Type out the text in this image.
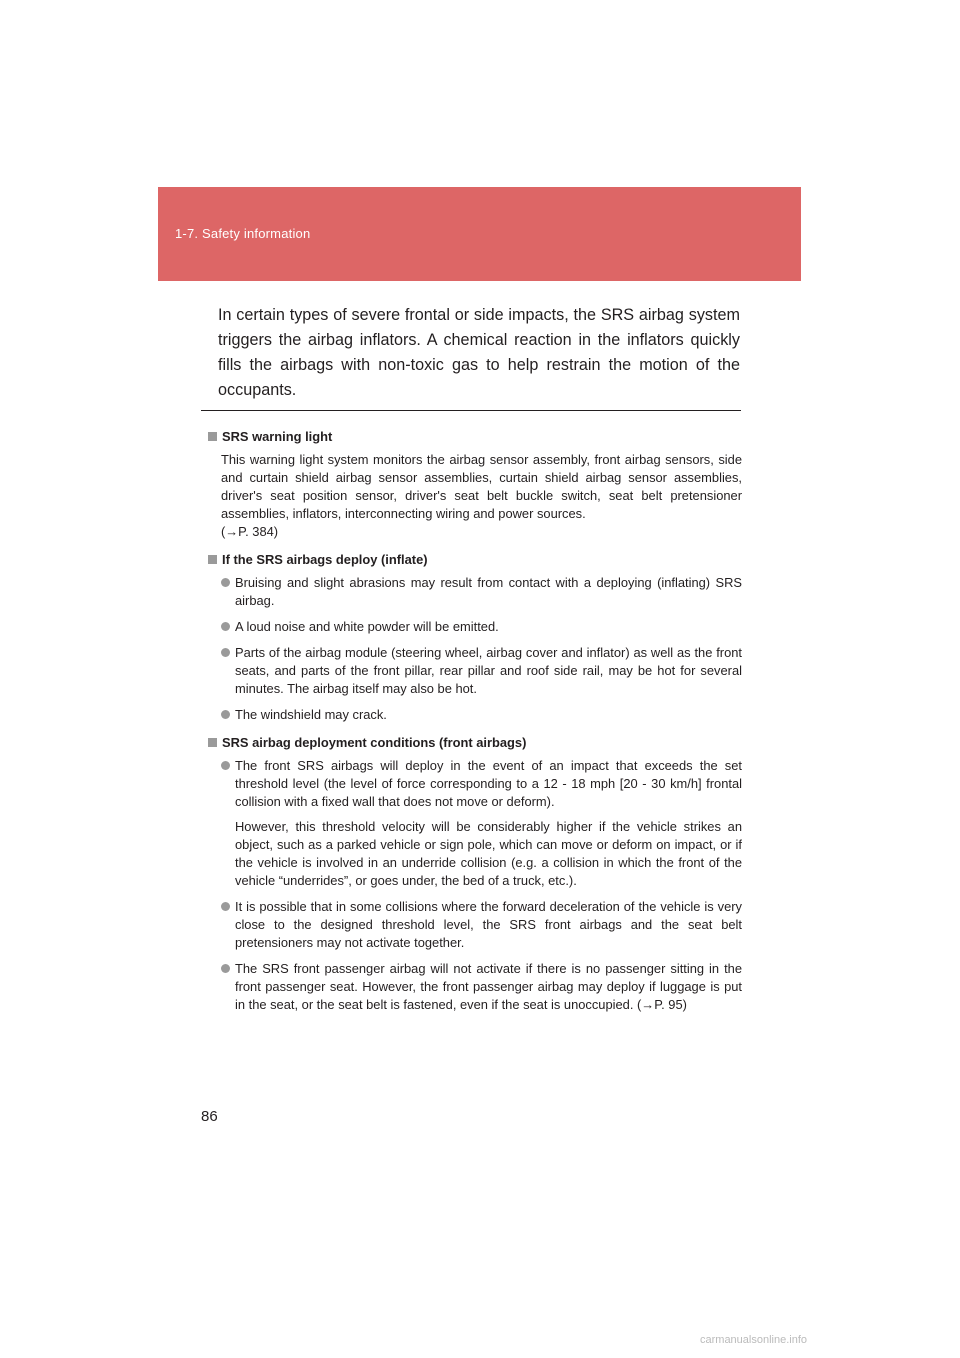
1-7. Safety information
In certain types of severe frontal or side impacts, the SRS airbag system triggers the airbag inflators. A chemical reaction in the inflators quickly fills the airbags with non-toxic gas to help restrain the motion of the occupants.
SRS warning light
This warning light system monitors the airbag sensor assembly, front airbag sensors, side and curtain shield airbag sensor assemblies, curtain shield airbag sensor assemblies, driver's seat position sensor, driver's seat belt buckle switch, seat belt pretensioner assemblies, inflators, interconnecting wiring and power sources.
(→P. 384)
If the SRS airbags deploy (inflate)
Bruising and slight abrasions may result from contact with a deploying (inflating) SRS airbag.
A loud noise and white powder will be emitted.
Parts of the airbag module (steering wheel, airbag cover and inflator) as well as the front seats, and parts of the front pillar, rear pillar and roof side rail, may be hot for several minutes. The airbag itself may also be hot.
The windshield may crack.
SRS airbag deployment conditions (front airbags)
The front SRS airbags will deploy in the event of an impact that exceeds the set threshold level (the level of force corresponding to a 12 - 18 mph [20 - 30 km/h] frontal collision with a fixed wall that does not move or deform).
However, this threshold velocity will be considerably higher if the vehicle strikes an object, such as a parked vehicle or sign pole, which can move or deform on impact, or if the vehicle is involved in an underride collision (e.g. a collision in which the front of the vehicle “underrides”, or goes under, the bed of a truck, etc.).
It is possible that in some collisions where the forward deceleration of the vehicle is very close to the designed threshold level, the SRS front airbags and the seat belt pretensioners may not activate together.
The SRS front passenger airbag will not activate if there is no passenger sitting in the front passenger seat. However, the front passenger airbag may deploy if luggage is put in the seat, or the seat belt is fastened, even if the seat is unoccupied. (→P. 95)
86
carmanualsonline.info
